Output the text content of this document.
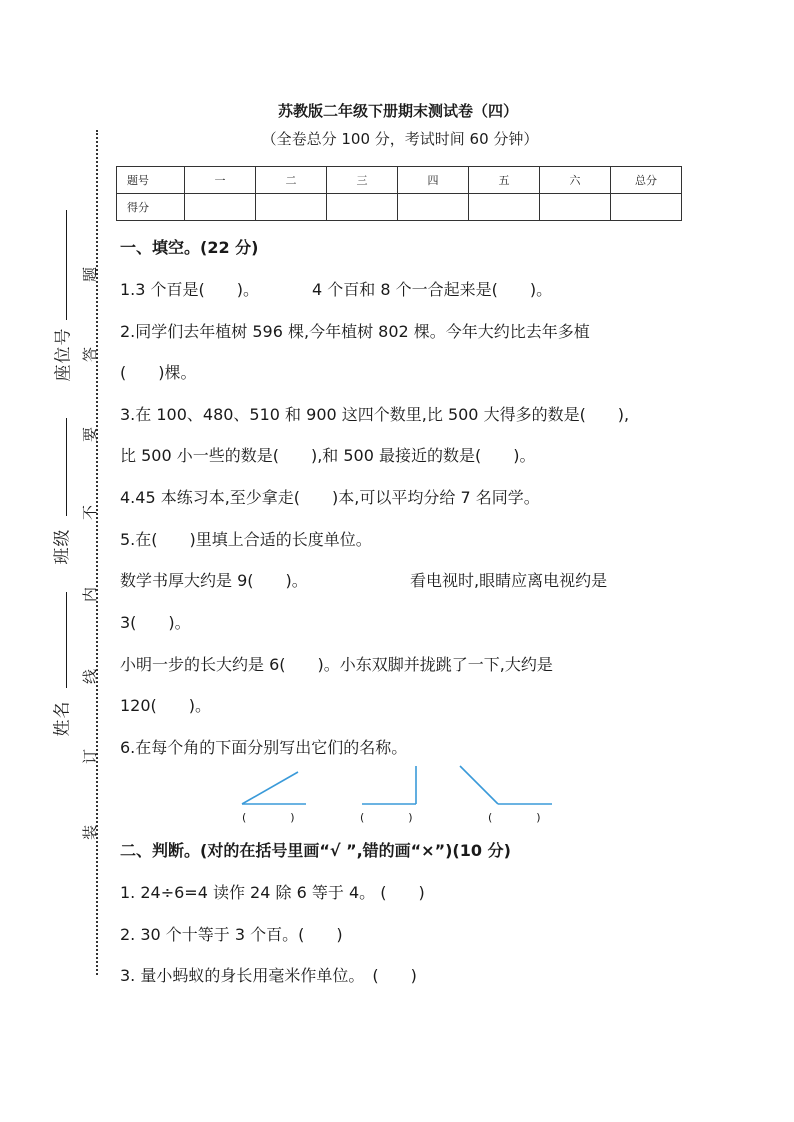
座位号
班级
姓名
题
答
要
不
内
线
订
装
苏教版二年级下册期末测试卷（四）
（全卷总分 100 分，考试时间 60 分钟）
题号	一	二	三	四	五	六	总分
得分							
一、填空。(22 分)
1.3 个百是(　　)。	4 个百和 8 个一合起来是(　　)。
2.同学们去年植树 596 棵,今年植树 802 棵。今年大约比去年多植
(　　)棵。
3.在 100、480、510 和 900 这四个数里,比 500 大得多的数是(　　),
比 500 小一些的数是(　　),和 500 最接近的数是(　　)。
4.45 本练习本,至少拿走(　　)本,可以平均分给 7 名同学。
5.在(　　)里填上合适的长度单位。
数学书厚大约是 9(　　)。	看电视时,眼睛应离电视约是
3(　　)。
小明一步的长大约是 6(　　)。小东双脚并拢跳了一下,大约是
120(　　)。
6.在每个角的下面分别写出它们的名称。
(　　　　)	(　　　　)	(　　　　)
二、判断。(对的在括号里画“√ ”,错的画“×”)(10 分)
1. 24÷6=4 读作 24 除 6 等于 4。 (　　)
2. 30 个十等于 3 个百。(　　)
3. 量小蚂蚁的身长用毫米作单位。　(　　)
